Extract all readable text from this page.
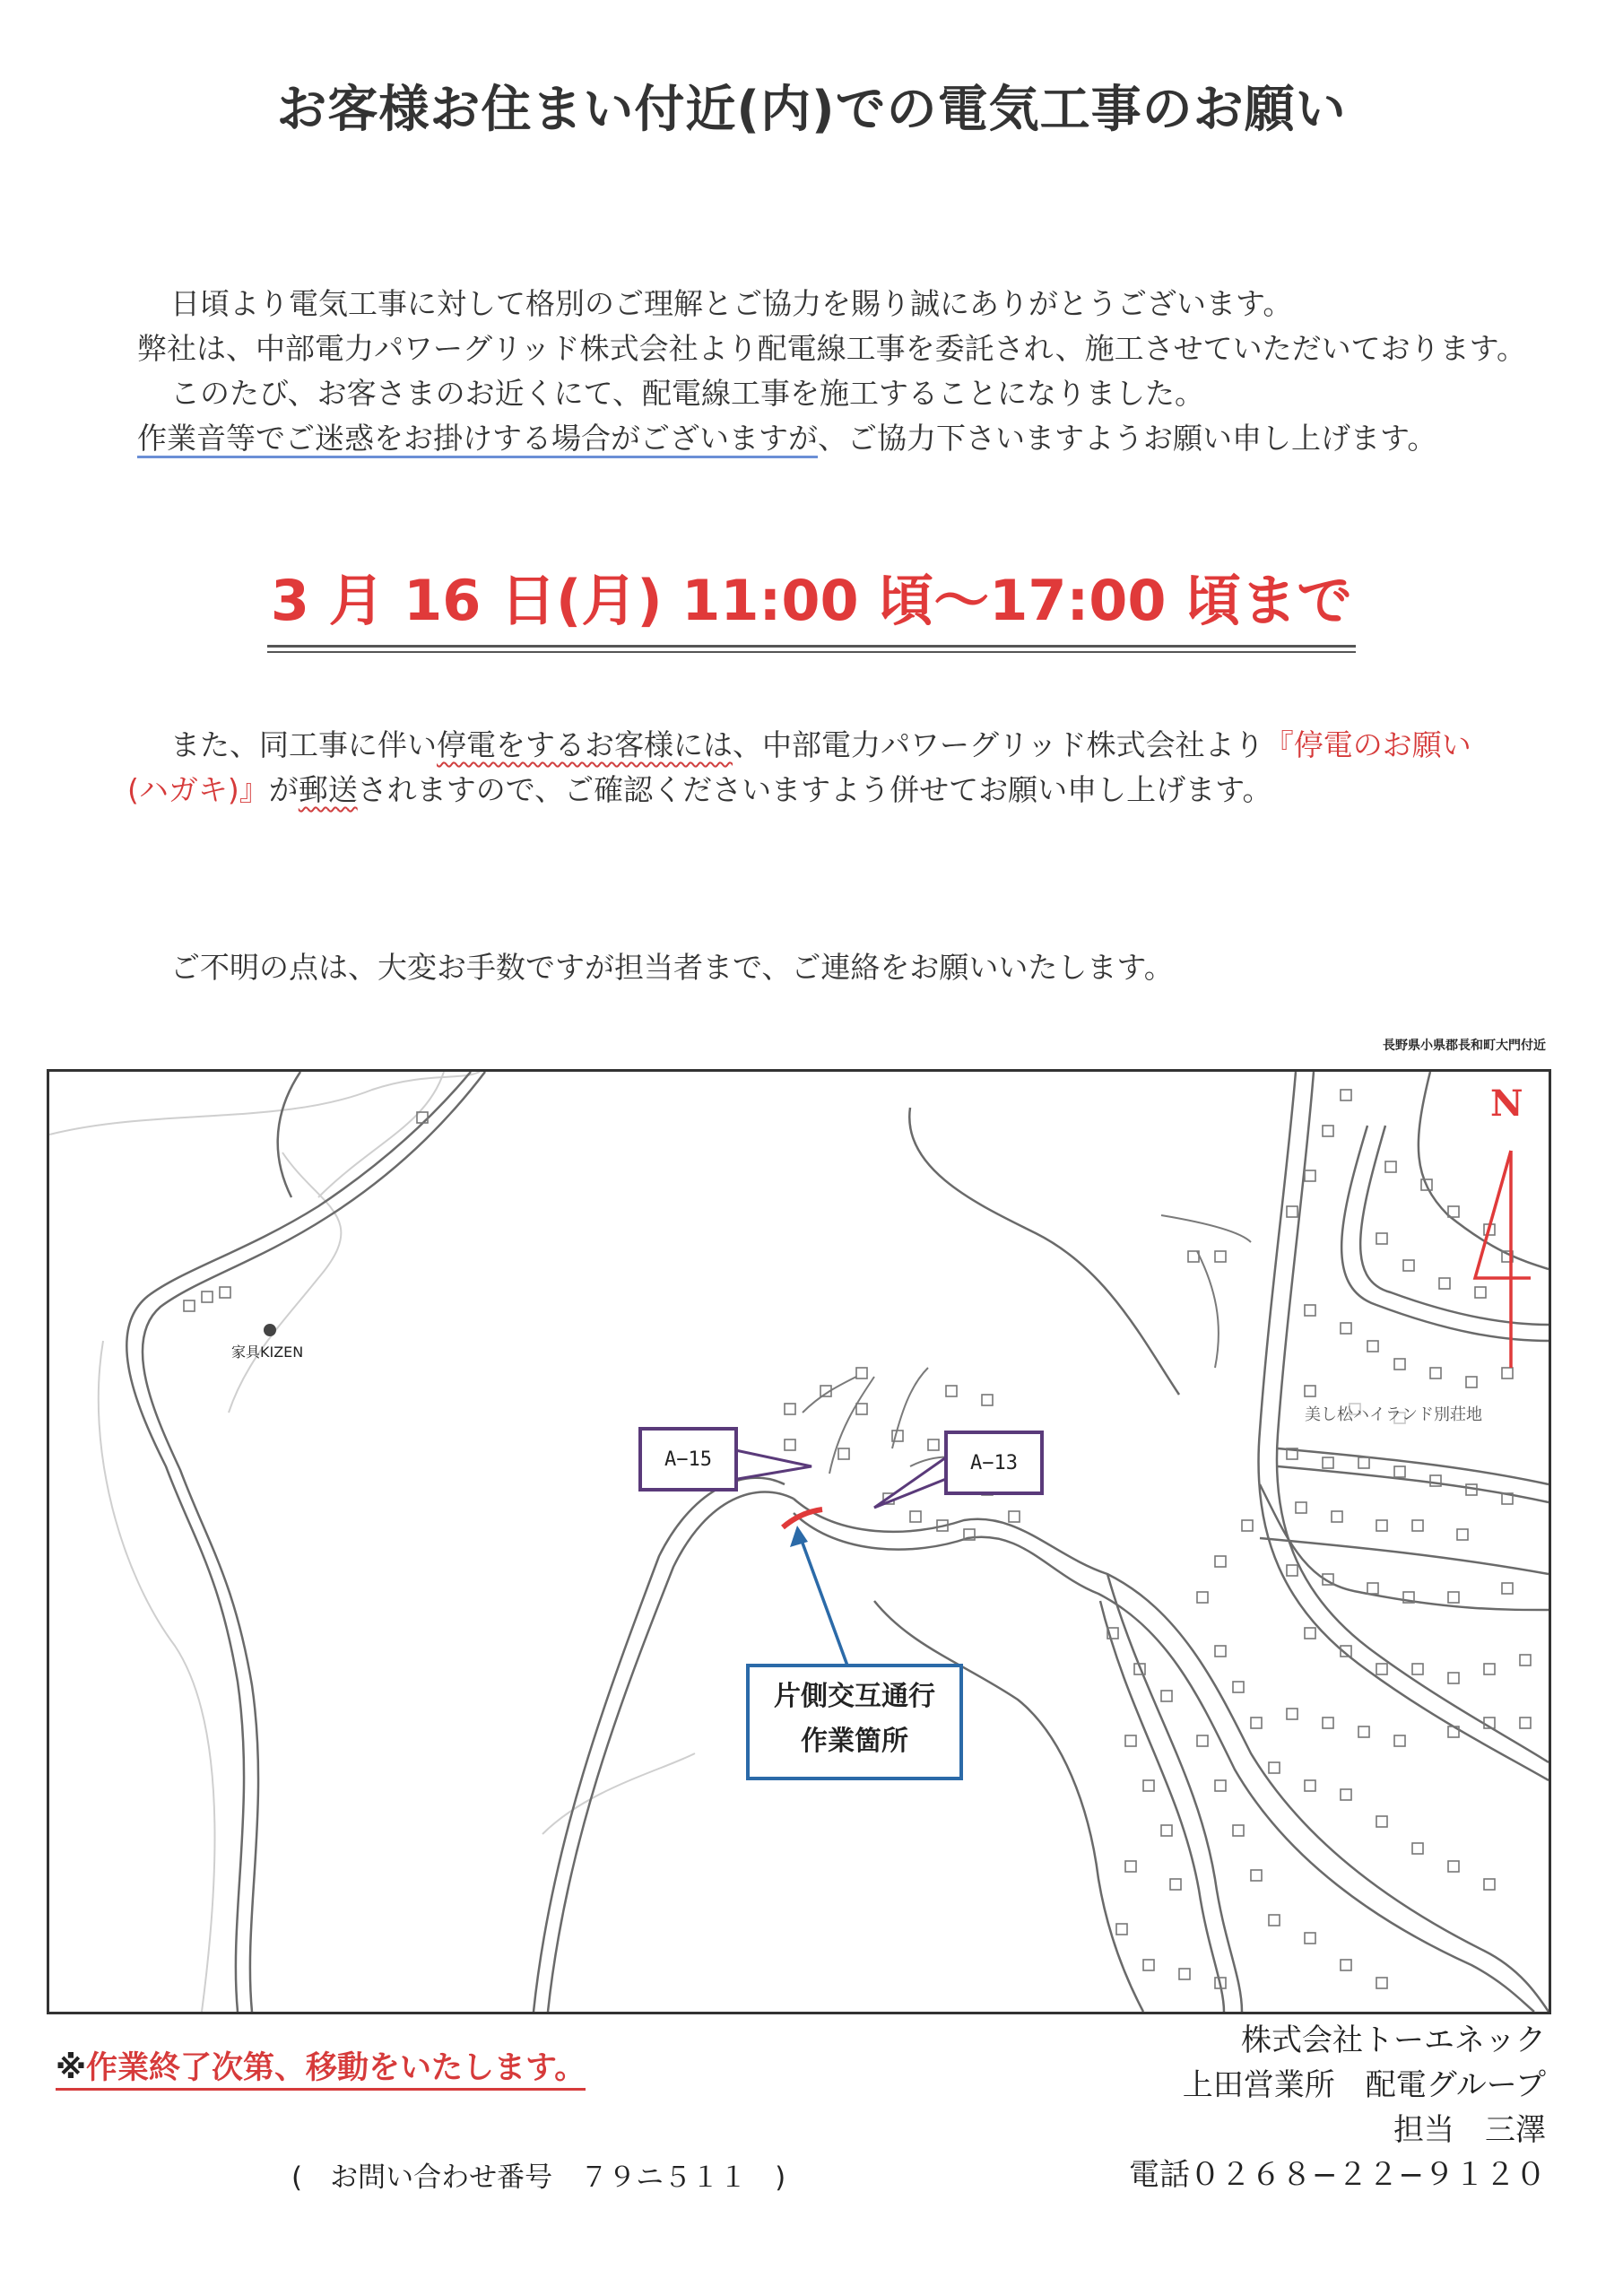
お客様お住まい付近(内)での電気工事のお願い
日頃より電気工事に対して格別のご理解とご協力を賜り誠にありがとうございます。
弊社は、中部電力パワーグリッド株式会社より配電線工事を委託され、施工させていただいております。
このたび、お客さまのお近くにて、配電線工事を施工することになりました。
作業音等でご迷惑をお掛けする場合がございますが、ご協力下さいますようお願い申し上げます。
3 月 16 日(月) 11:00 頃〜17:00 頃まで
また、同工事に伴い停電をするお客様には、中部電力パワーグリッド株式会社より『停電のお願い
(ハガキ)』が郵送されますので、ご確認くださいますよう併せてお願い申し上げます。
ご不明の点は、大変お手数ですが担当者まで、ご連絡をお願いいたします。
長野県小県郡長和町大門付近
家具KIZEN
美し松ハイランド別荘地
N
A−15	A−13
片側交互通行
作業箇所
※作業終了次第、移動をいたします。
株式会社トーエネック
上田営業所　配電グループ
担当　三澤
電話０２６８−２２−９１２０
(　お問い合わせ番号　７９ニ５１１　)
